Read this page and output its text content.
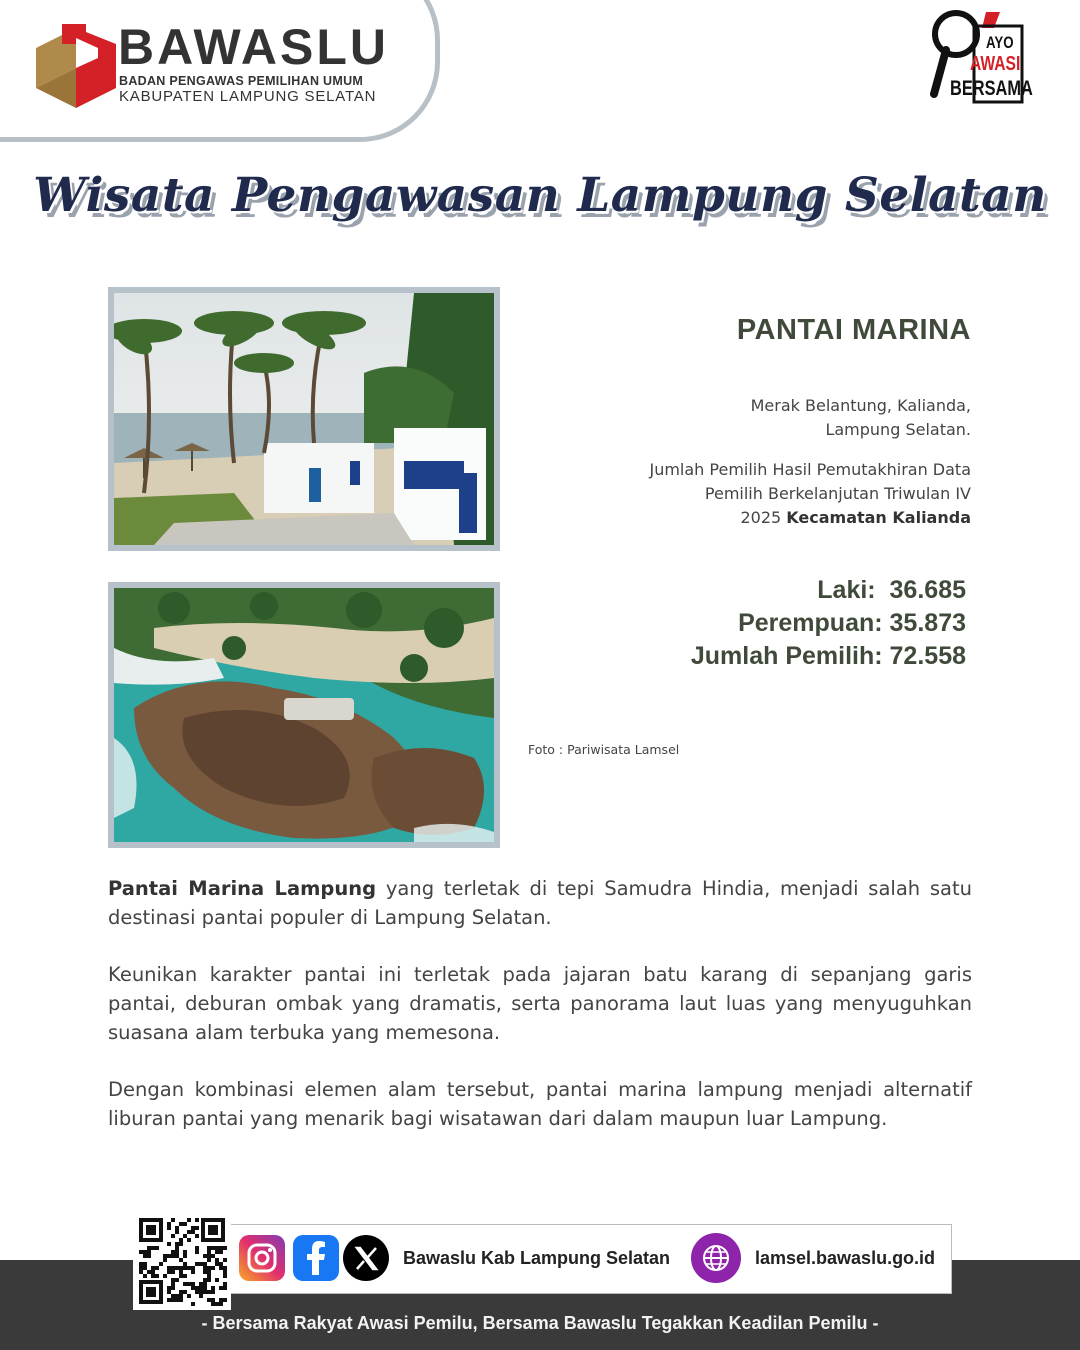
BAWASLU
BADAN PENGAWAS PEMILIHAN UMUM
KABUPATEN LAMPUNG SELATAN
AYO
AWASI
BERSAMA
Wisata Pengawasan Lampung Selatan
PANTAI MARINA
Merak Belantung, Kalianda,
Lampung Selatan.
Jumlah Pemilih Hasil Pemutakhiran Data
Pemilih Berkelanjutan Triwulan IV
2025 Kecamatan Kalianda
Laki: 36.685
Perempuan: 35.873
Jumlah Pemilih: 72.558
Foto : Pariwisata Lamsel

Pantai Marina Lampung yang terletak di tepi Samudra Hindia, menjadi salah satu destinasi pantai populer di Lampung Selatan.

Keunikan karakter pantai ini terletak pada jajaran batu karang di sepanjang garis pantai, deburan ombak yang dramatis, serta panorama laut luas yang menyuguhkan suasana alam terbuka yang memesona.

Dengan kombinasi elemen alam tersebut, pantai marina lampung menjadi alternatif liburan pantai yang menarik bagi wisatawan dari dalam maupun luar Lampung.

Bawaslu Kab Lampung Selatan	lamsel.bawaslu.go.id
- Bersama Rakyat Awasi Pemilu, Bersama Bawaslu Tegakkan Keadilan Pemilu -
